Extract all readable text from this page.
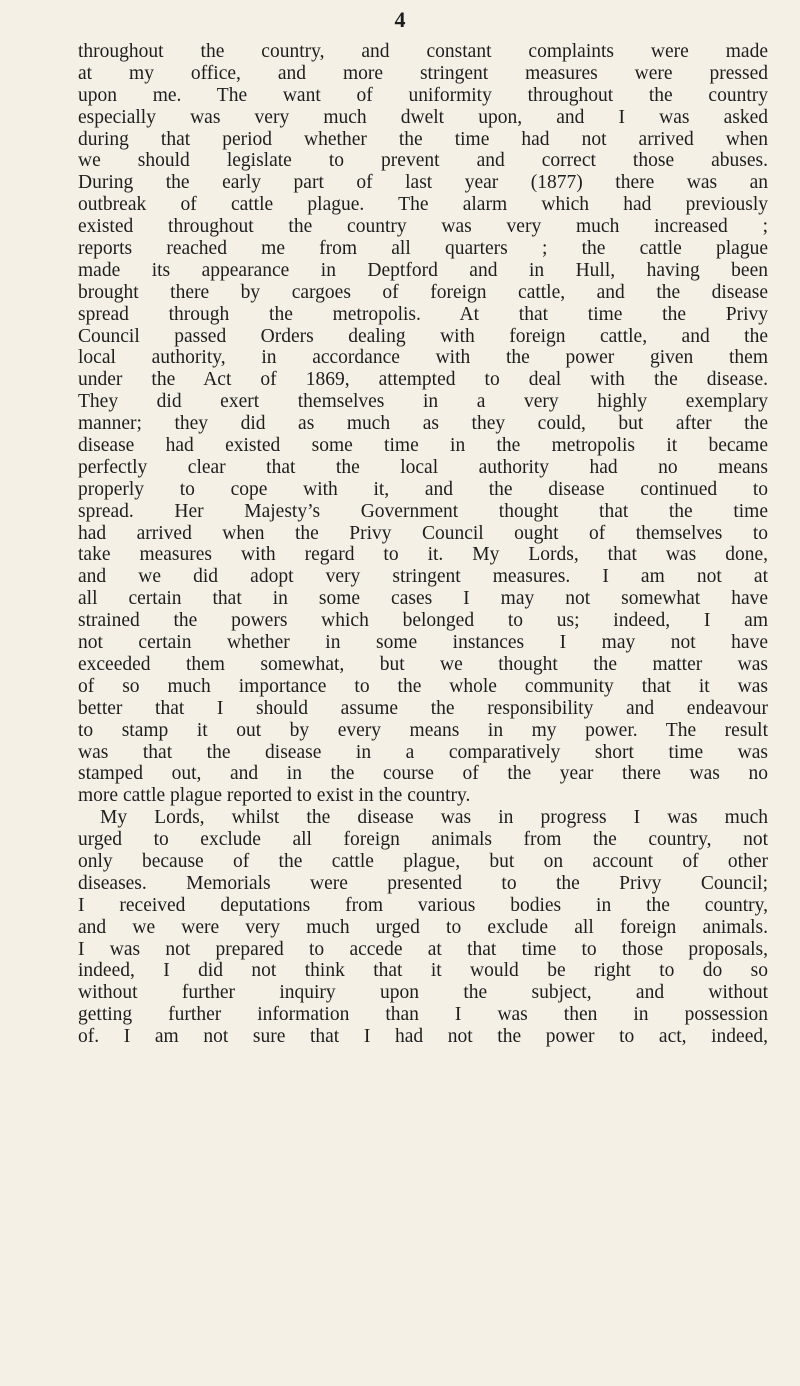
4
throughout the country, and constant complaints were made
at my office, and more stringent measures were pressed
upon me. The want of uniformity throughout the country
especially was very much dwelt upon, and I was asked
during that period whether the time had not arrived when
we should legislate to prevent and correct those abuses.
During the early part of last year (1877) there was an
outbreak of cattle plague. The alarm which had previously
existed throughout the country was very much increased ;
reports reached me from all quarters ; the cattle plague
made its appearance in Deptford and in Hull, having been
brought there by cargoes of foreign cattle, and the disease
spread through the metropolis. At that time the Privy
Council passed Orders dealing with foreign cattle, and the
local authority, in accordance with the power given them
under the Act of 1869, attempted to deal with the disease.
They did exert themselves in a very highly exemplary
manner; they did as much as they could, but after the
disease had existed some time in the metropolis it became
perfectly clear that the local authority had no means
properly to cope with it, and the disease continued to
spread. Her Majesty’s Government thought that the time
had arrived when the Privy Council ought of themselves to
take measures with regard to it. My Lords, that was done,
and we did adopt very stringent measures. I am not at
all certain that in some cases I may not somewhat have
strained the powers which belonged to us; indeed, I am
not certain whether in some instances I may not have
exceeded them somewhat, but we thought the matter was
of so much importance to the whole community that it was
better that I should assume the responsibility and endeavour
to stamp it out by every means in my power. The result
was that the disease in a comparatively short time was
stamped out, and in the course of the year there was no
more cattle plague reported to exist in the country.
My Lords, whilst the disease was in progress I was much
urged to exclude all foreign animals from the country, not
only because of the cattle plague, but on account of other
diseases. Memorials were presented to the Privy Council;
I received deputations from various bodies in the country,
and we were very much urged to exclude all foreign animals.
I was not prepared to accede at that time to those proposals,
indeed, I did not think that it would be right to do so
without further inquiry upon the subject, and without
getting further information than I was then in possession
of. I am not sure that I had not the power to act, indeed,
